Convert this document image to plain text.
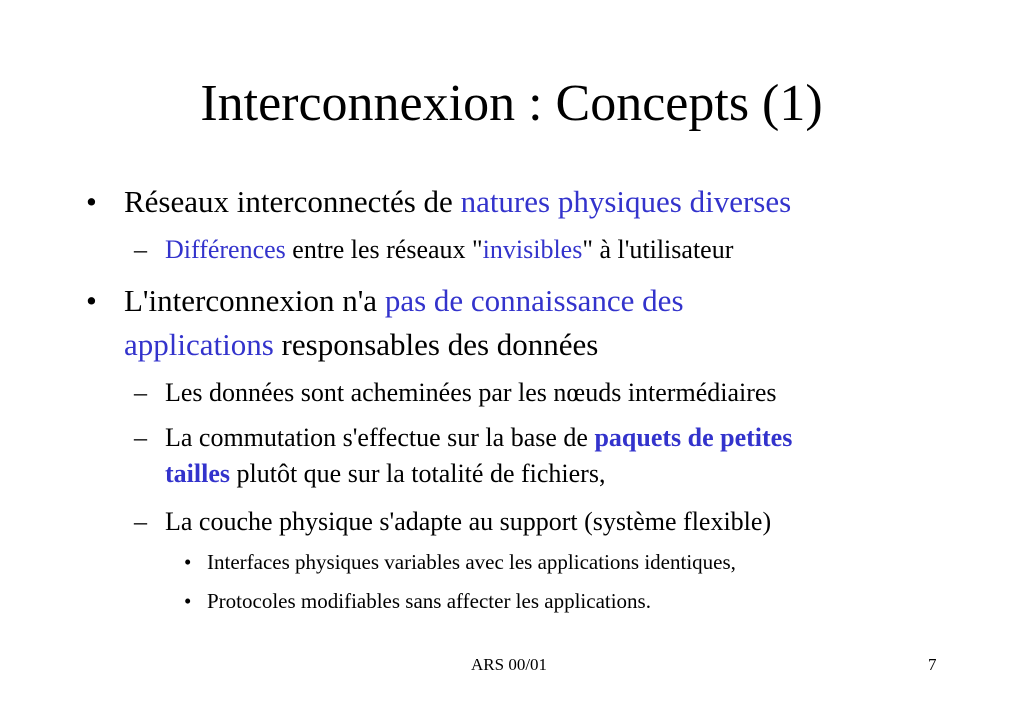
Interconnexion : Concepts (1)
• Réseaux interconnectés de natures physiques diverses
– Différences entre les réseaux "invisibles" à l'utilisateur
• L'interconnexion n'a pas de connaissance des
applications responsables des données
– Les données sont acheminées par les nœuds intermédiaires
– La commutation s'effectue sur la base de paquets de petites
tailles plutôt que sur la totalité de fichiers,
– La couche physique s'adapte au support (système flexible)
• Interfaces physiques variables avec les applications identiques,
• Protocoles modifiables sans affecter les applications.
ARS 00/01	7
